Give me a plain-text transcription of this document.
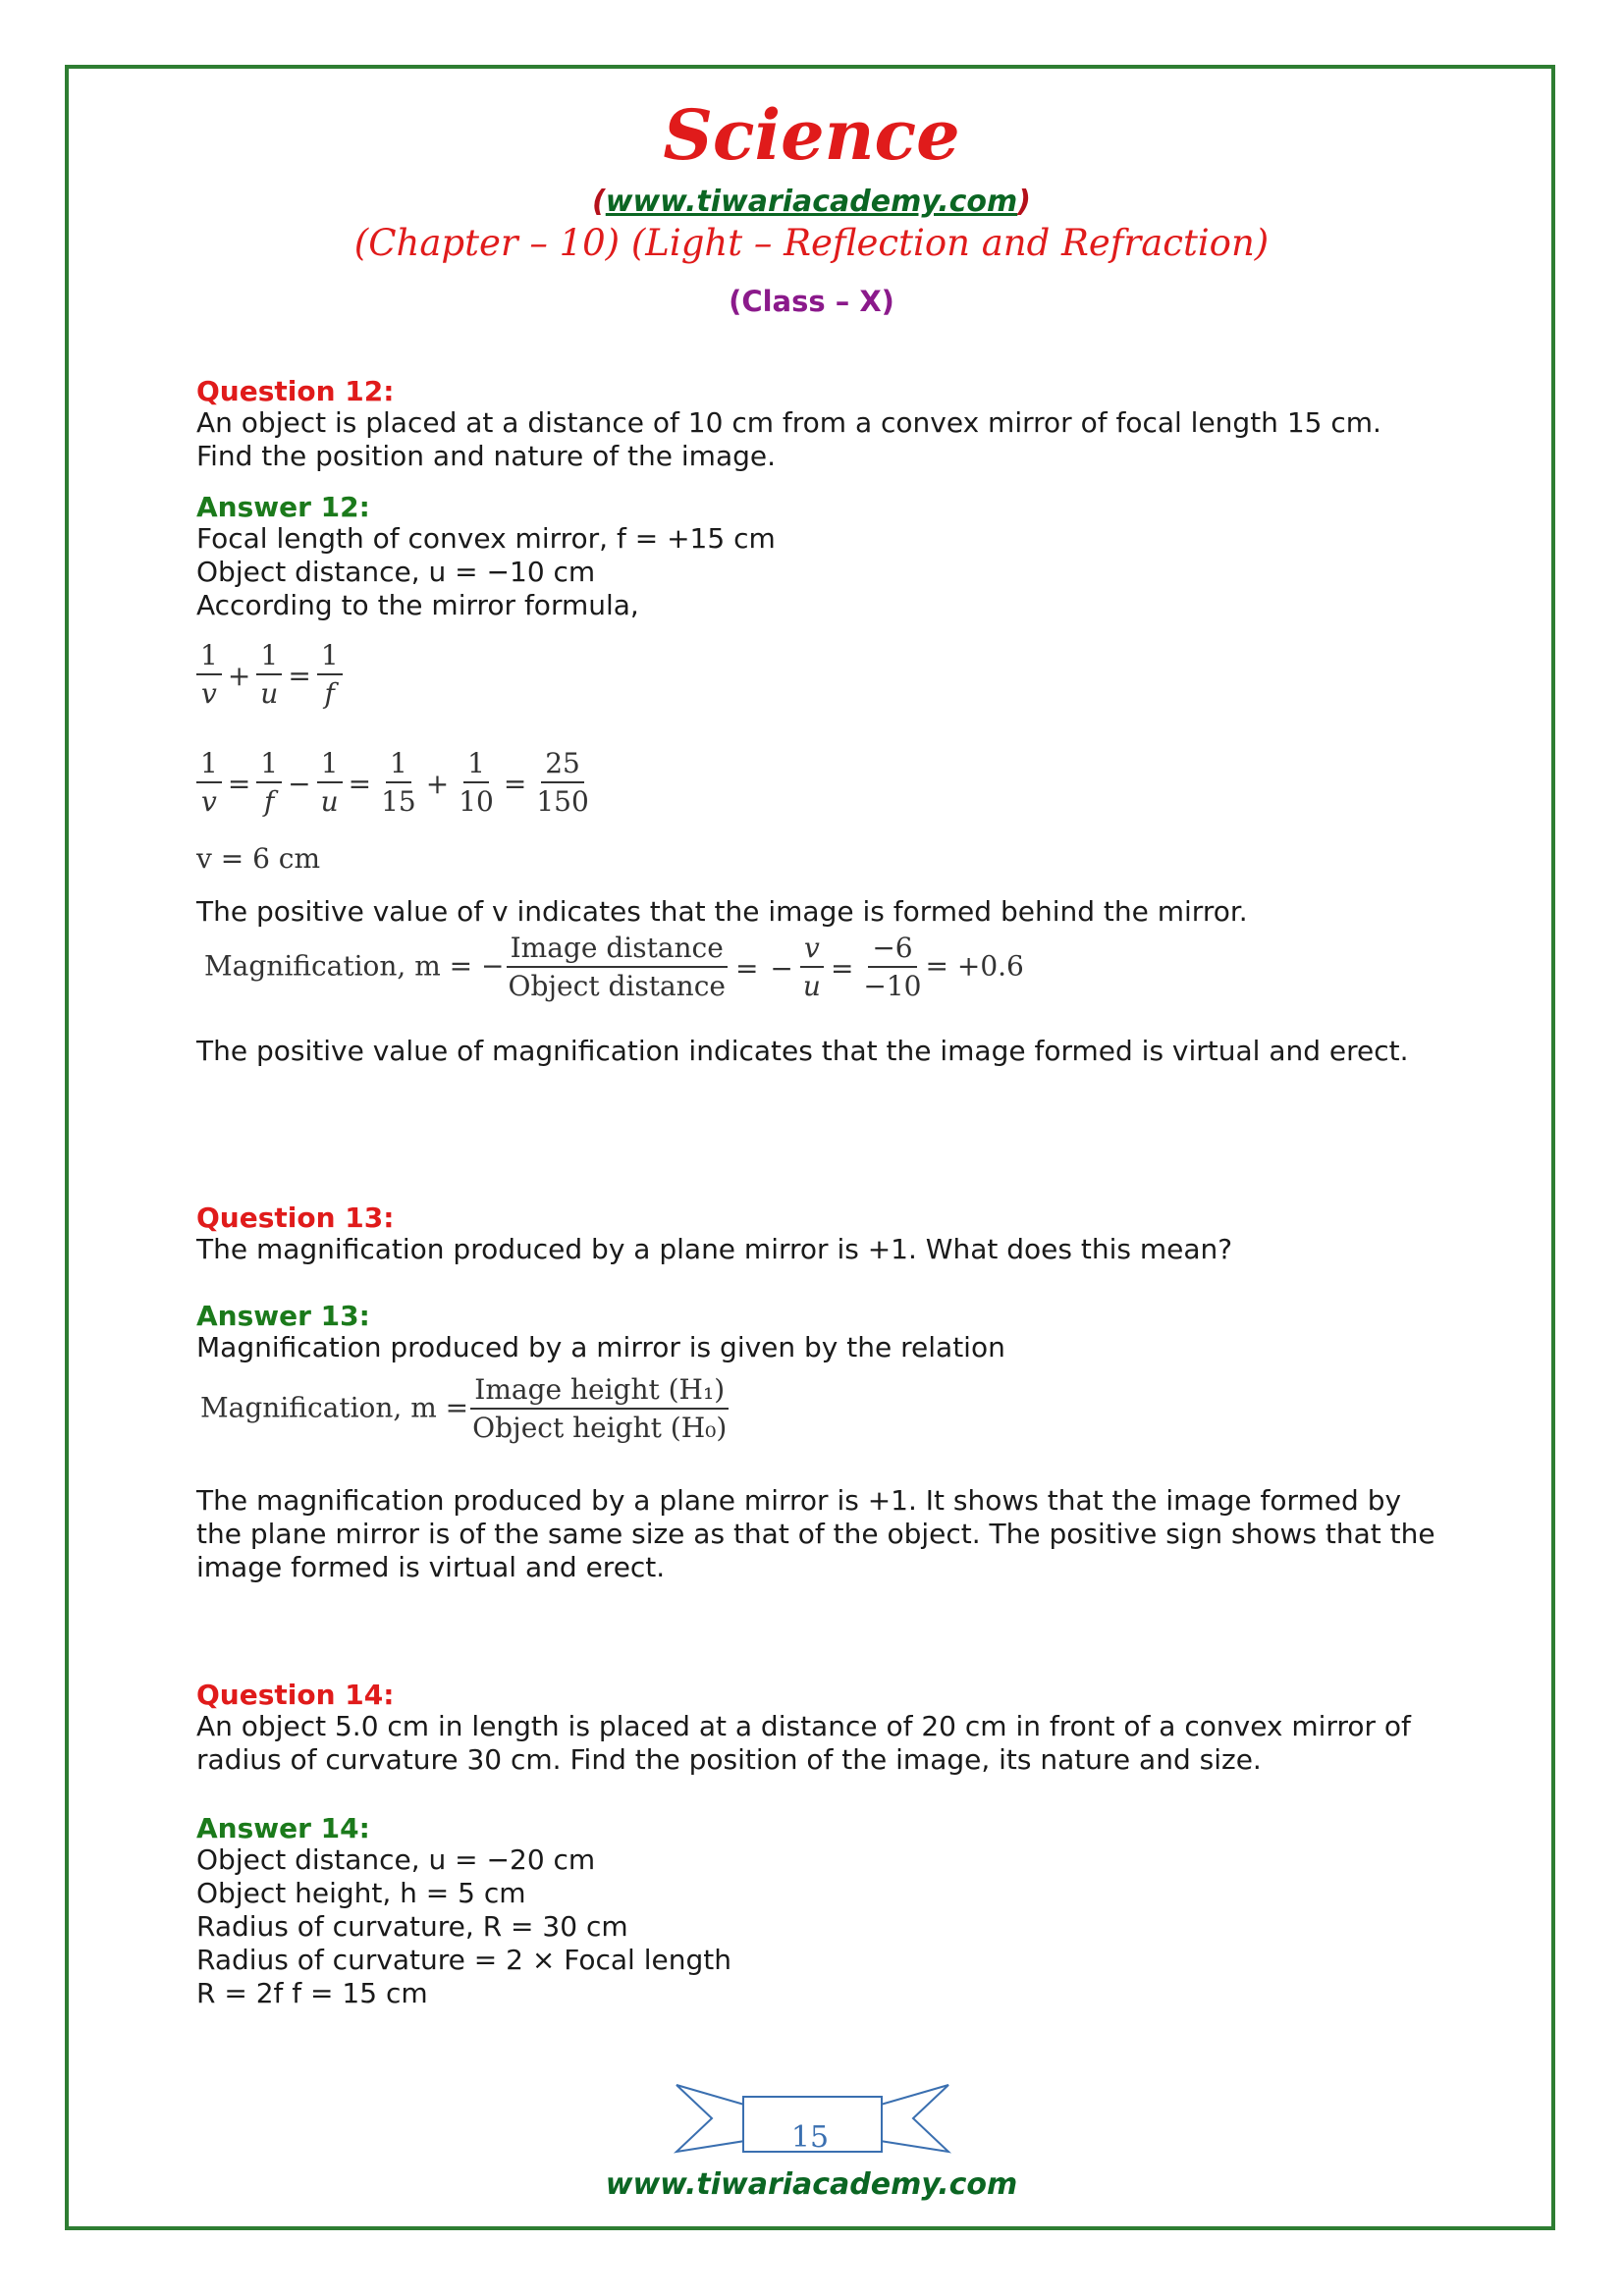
Science
(www.tiwariacademy.com)
(Chapter – 10) (Light – Reflection and Refraction)
(Class – X)
Question 12:
An object is placed at a distance of 10 cm from a convex mirror of focal length 15 cm.
Find the position and nature of the image.
Answer 12:
Focal length of convex mirror, f = +15 cm
Object distance, u = −10 cm
According to the mirror formula,
$\frac{1}{v} + \frac{1}{u} = \frac{1}{f}$
$\frac{1}{v} = \frac{1}{f} - \frac{1}{u} = \frac{1}{15} + \frac{1}{10} = \frac{25}{150}$
v = 6 cm
The positive value of v indicates that the image is formed behind the mirror.
Magnification, m = − $\frac{\text{Image distance}}{\text{Object distance}}$ = − $\frac{v}{u} = \frac{-6}{-10} = +0.6$
The positive value of magnification indicates that the image formed is virtual and erect.
Question 13:
The magnification produced by a plane mirror is +1. What does this mean?
Answer 13:
Magnification produced by a mirror is given by the relation
Magnification, $m = \frac{\text{Image height (H₁)}}{\text{Object height (H₀)}}$
The magnification produced by a plane mirror is +1. It shows that the image formed by
the plane mirror is of the same size as that of the object. The positive sign shows that the
image formed is virtual and erect.
Question 14:
An object 5.0 cm in length is placed at a distance of 20 cm in front of a convex mirror of
radius of curvature 30 cm. Find the position of the image, its nature and size.
Answer 14:
Object distance, u = −20 cm
Object height, h = 5 cm
Radius of curvature, R = 30 cm
Radius of curvature = 2 × Focal length
R = 2f f = 15 cm
15
www.tiwariacademy.com
